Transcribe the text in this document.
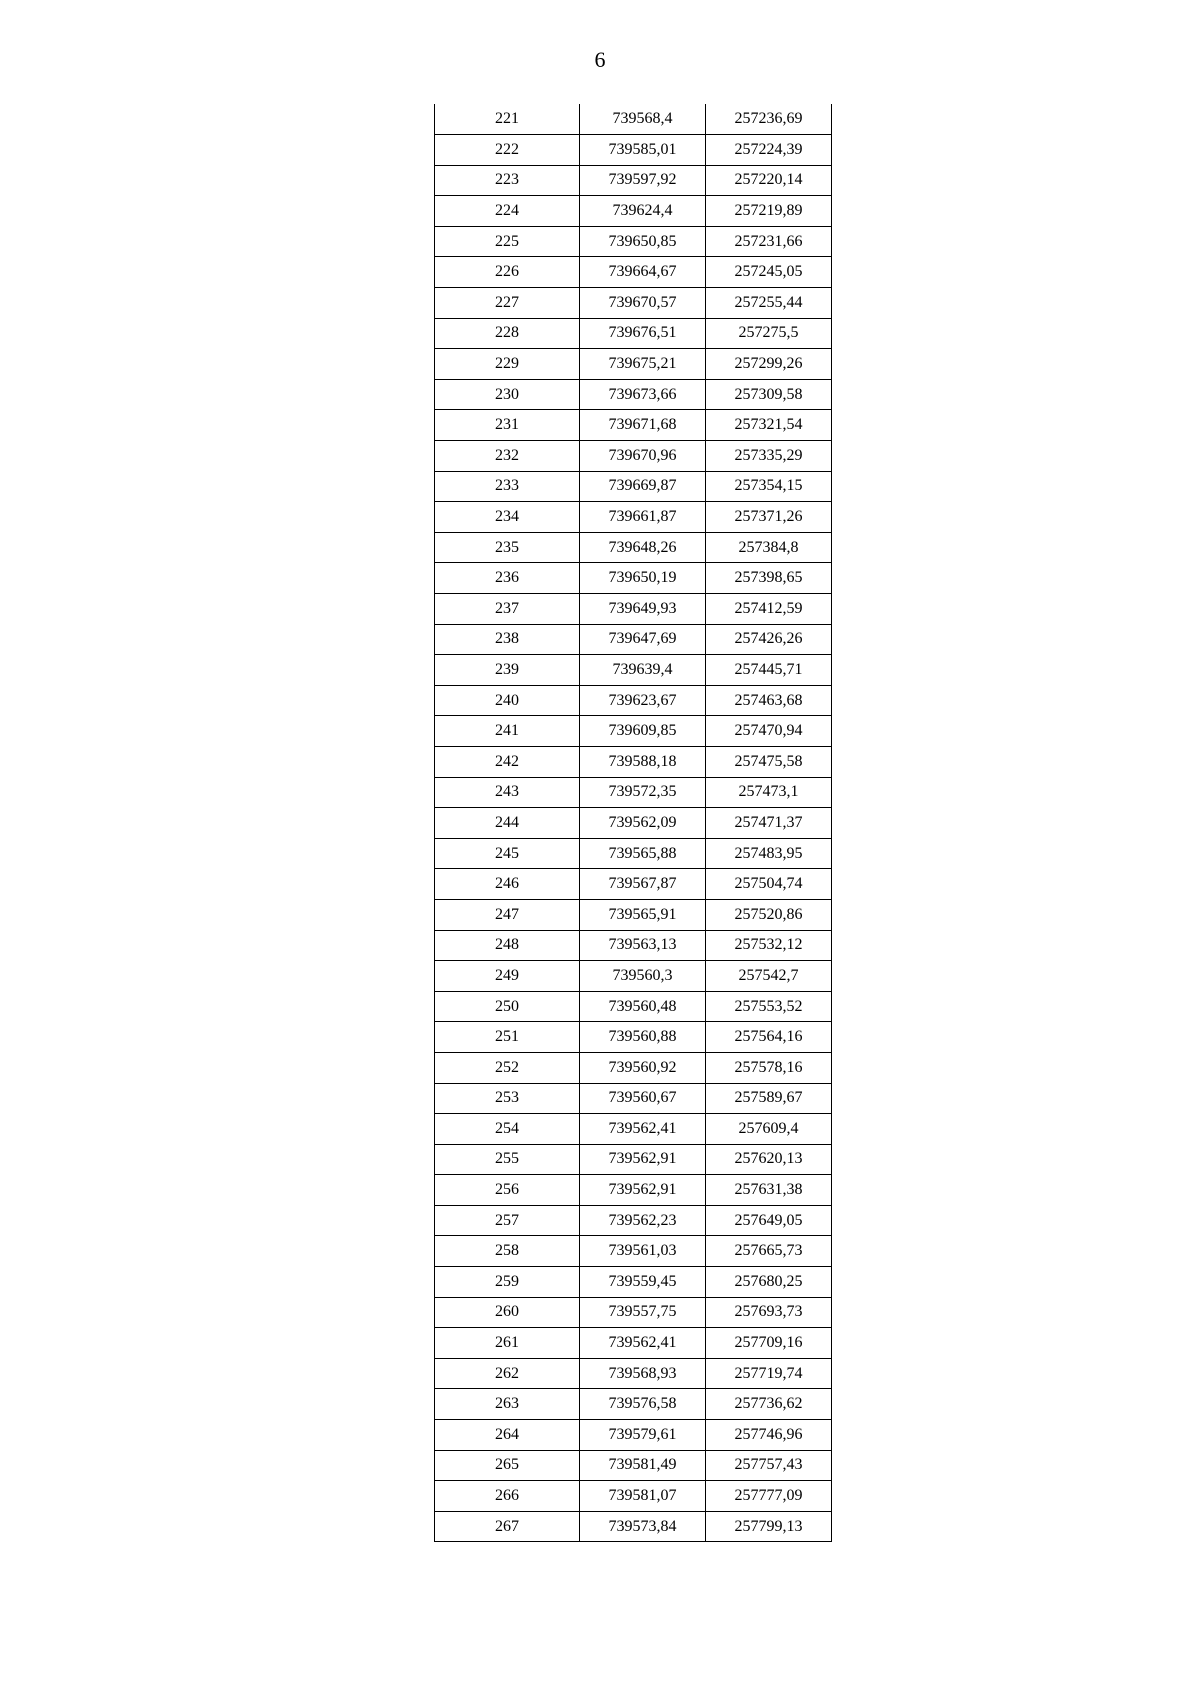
6
221	739568,4	257236,69
222	739585,01	257224,39
223	739597,92	257220,14
224	739624,4	257219,89
225	739650,85	257231,66
226	739664,67	257245,05
227	739670,57	257255,44
228	739676,51	257275,5
229	739675,21	257299,26
230	739673,66	257309,58
231	739671,68	257321,54
232	739670,96	257335,29
233	739669,87	257354,15
234	739661,87	257371,26
235	739648,26	257384,8
236	739650,19	257398,65
237	739649,93	257412,59
238	739647,69	257426,26
239	739639,4	257445,71
240	739623,67	257463,68
241	739609,85	257470,94
242	739588,18	257475,58
243	739572,35	257473,1
244	739562,09	257471,37
245	739565,88	257483,95
246	739567,87	257504,74
247	739565,91	257520,86
248	739563,13	257532,12
249	739560,3	257542,7
250	739560,48	257553,52
251	739560,88	257564,16
252	739560,92	257578,16
253	739560,67	257589,67
254	739562,41	257609,4
255	739562,91	257620,13
256	739562,91	257631,38
257	739562,23	257649,05
258	739561,03	257665,73
259	739559,45	257680,25
260	739557,75	257693,73
261	739562,41	257709,16
262	739568,93	257719,74
263	739576,58	257736,62
264	739579,61	257746,96
265	739581,49	257757,43
266	739581,07	257777,09
267	739573,84	257799,13
